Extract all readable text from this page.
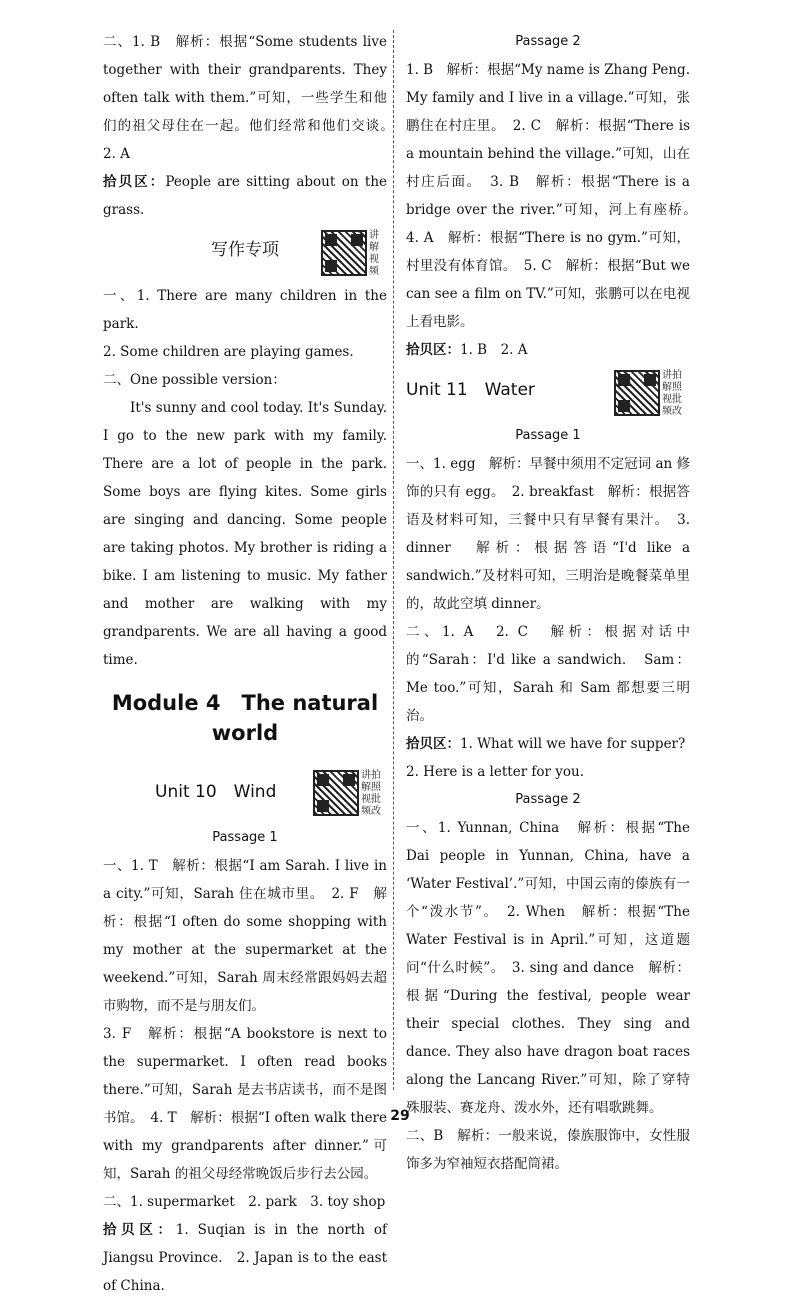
二、1. B　解析：根据“Some students live together with their grandparents. They often talk with them.”可知，一些学生和他们的祖父母住在一起。他们经常和他们交谈。　2. A

拾贝区：People are sitting about on the grass.

写作专项
讲解视频

一、1. There are many children in the park.

2. Some children are playing games.

二、One possible version：

It's sunny and cool today. It's Sunday. I go to the new park with my family. There are a lot of people in the park. Some boys are flying kites. Some girls are singing and dancing. Some people are taking photos. My brother is riding a bike. I am listening to music. My father and mother are walking with my grandparents. We are all having a good time.

Module 4　The natural world
Unit 10　Wind
讲拍解照视批频改
Passage 1

一、1. T　解析：根据“I am Sarah. I live in a city.”可知，Sarah 住在城市里。　2. F　解析：根据“I often do some shopping with my mother at the supermarket at the weekend.”可知，Sarah 周末经常跟妈妈去超市购物，而不是与朋友们。

3. F　解析：根据“A bookstore is next to the supermarket. I often read books there.”可知，Sarah 是去书店读书，而不是图书馆。　4. T　解析：根据“I often walk there with my grandparents after dinner.”可知，Sarah 的祖父母经常晚饭后步行去公园。

二、1. supermarket　2. park　3. toy shop

拾贝区：1. Suqian is in the north of Jiangsu Province.　2. Japan is to the east of China.

Passage 2

1. B　解析：根据“My name is Zhang Peng. My family and I live in a village.”可知，张鹏住在村庄里。　2. C　解析：根据“There is a mountain behind the village.”可知，山在村庄后面。　3. B　解析：根据“There is a bridge over the river.”可知，河上有座桥。　4. A　解析：根据“There is no gym.”可知，村里没有体育馆。　5. C　解析：根据“But we can see a film on TV.”可知，张鹏可以在电视上看电影。

拾贝区：1. B　2. A

Unit 11　Water
讲拍解照视批频改
Passage 1

一、1. egg　解析：早餐中须用不定冠词 an 修饰的只有 egg。　2. breakfast　解析：根据答语及材料可知，三餐中只有早餐有果汁。　3. dinner　解析：根据答语“I'd like a sandwich.”及材料可知，三明治是晚餐菜单里的，故此空填 dinner。

二、1. A　2. C　解析：根据对话中的“Sarah：I'd like a sandwich.　Sam：Me too.”可知，Sarah 和 Sam 都想要三明治。

拾贝区：1. What will we have for supper?

2. Here is a letter for you.

Passage 2

一、1. Yunnan, China　解析：根据“The Dai people in Yunnan, China, have a ‘Water Festival’.”可知，中国云南的傣族有一个“泼水节”。　2. When　解析：根据“The Water Festival is in April.”可知，这道题问“什么时候”。　3. sing and dance　解析：根据“During the festival, people wear their special clothes. They sing and dance. They also have dragon boat races along the Lancang River.”可知，除了穿特殊服装、赛龙舟、泼水外，还有唱歌跳舞。

二、B　解析：一般来说，傣族服饰中，女性服饰多为窄袖短衣搭配筒裙。

29
